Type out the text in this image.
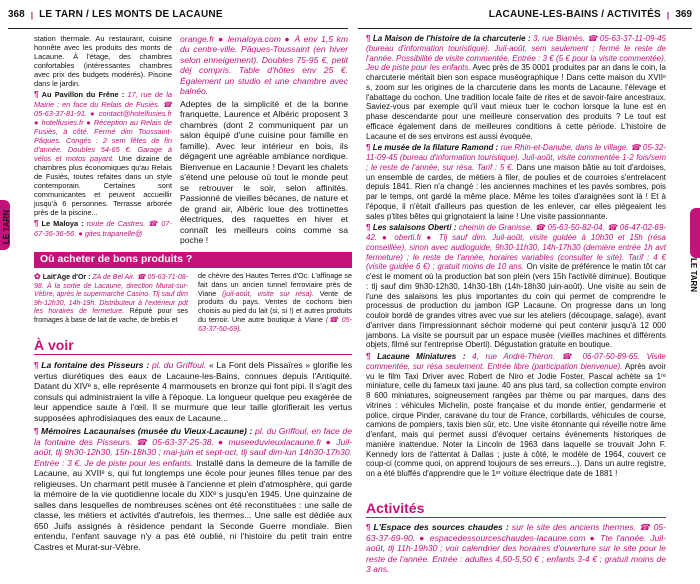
368 | LE TARN / LES MONTS DE LACAUNE	LACAUNE-LES-BAINS / ACTIVITÉS | 369
LE TARN
LE TARN

station thermale. Au restaurant, cuisine honnête avec les produits des monts de Lacaune. À l'étage, des chambres confortables (intéressantes chambres avec prix des budgets modérés). Piscine dans le jardin.

¶ Au Pavillon du Frêne : 17, rue de la Mairie ; en face du Relais de Fusiès. ☎ 05-63-37-81-91. ● contact@hotelfusies.fr ● hotelfusies.fr ● Réception au Relais de Fusiès, à côté. Fermé dim Toussaint-Pâques. Congés : 2 sem fêtes de fin d'année. Doubles 54-65 €. Garage à vélos et motos payant. Une dizaine de chambres plus économiques qu'au Relais de Fusiès, toutes refaites dans un style contemporain. Certaines sont communicantes et peuvent accueillir jusqu'à 6 personnes. Terrasse arborée près de la piscine...

¶ Le Maloya : route de Castres. ☎ 07-67-36-36-56. ● gites.trapanelle@

orange.fr ● lemaloya.com ● À env 1,5 km du centre-ville. Pâques-Toussaint (en hiver selon enneigement). Doubles 75-95 €, petit déj compris. Table d'hôtes env 25 €. Également un studio et une chambre avec balnéo.

Adeptes de la simplicité et de la bonne franquette, Laurence et Albéric proposent 3 chambres (dont 2 communiquent par un salon équipé d'une cuisine pour famille en famille). Avec leur intérieur en bois, ils dégagent une agréable ambiance nordique. Bienvenue en Lacaunie ! Devant les chalets s'étend une pelouse où tout le monde peut se retrouver le soir, selon affinités. Passionné de vieilles bécanes, de nature et de grand air, Albéric loue des trottinettes électriques, des raquettes en hiver et connaît les meilleurs coins comme sa poche !

Où acheter de bons produits ?
✿ Lait'Age d'Or : ZA de Bel Air. ☎ 05-63-71-08-98. À la sortie de Lacaune, direction Murat-sur-Vèbre, après le supermarché Casino. Tlj sauf dim 9h-12h30, 14h-19h. Distributeur à l'extérieur pdt les horaires de fermeture. Réputé pour ses fromages à base de lait de vache, de brebis et
de chèvre des Hautes Terres d'Oc. L'affinage se fait dans un ancien tunnel ferroviaire près de Viane (juil-août, visite sur résa). Vente de produits du pays. Ventes de cochons bien choisis au pied du lait (si, si !) et autres produits du terroir. Une autre boutique à Viane (☎ 05-63-37-50-69).
À voir

¶ La fontaine des Pisseurs : pl. du Griffoul. « La Font dels Pissaïres » glorifie les vertus diurétiques des eaux de Lacaune-les-Bains, connues depuis l'Antiquité. Datant du XIVᵉ s, elle représente 4 marmousets en bronze qui font pipi. Il s'agit des consuls qui administraient la ville à l'époque. La longueur quelque peu exagérée de leur appendice saute à l'œil. Il se murmure que leur taille glorifierait les vertus supposées aphrodisiaques des eaux de Lacaune...

¶ Mémoires Lacaunaises (musée du Vieux-Lacaune) : pl. du Griffoul, en face de la fontaine des Pisseurs. ☎ 05-63-37-25-38. ● museeduvieuxlacaune.fr ● Juil-août, tlj 9h30-12h30, 15h-18h30 ; mai-juin et sept-oct, tlj sauf dim-lun 14h30-17h30. Entrée : 3 €. Je de piste pour les enfants. Installé dans la demeure de la famille de Lacaune, au XVIIᵉ s, qui fut longtemps une école pour jeunes filles tenue par des religieuses. Un charmant petit musée à l'ancienne et plein d'atmosphère, qui garde la mémoire de la vie quotidienne locale du XIXᵉ s jusqu'en 1945. Une quinzaine de salles dans lesquelles de nombreuses scènes ont été reconstituées : une salle de classe, les métiers et activités d'autrefois, les thermes... Une salle est dédiée aux 650 Juifs assignés à résidence pendant la Seconde Guerre mondiale. Bien entendu, l'enfant sauvage n'y a pas été oublié, ni l'histoire du petit train entre Castres et Murat-sur-Vèbre.

¶ La Maison de l'histoire de la charcuterie : 3, rue Biamès. ☎ 05-63-37-11-09-45 (bureau d'information touristique). Juil-août, sem seulement ; fermé le reste de l'année. Possibilité de visite commentée. Entrée : 3 € (5 € pour la visite commentée). Jeu de piste pour les enfants. Avec près de 35 0001 produites par an dans le coin, la charcuterie méritait bien son espace muséographique ! Dans cette maison du XVIIᵉ s, zoom sur les origines de la charcuterie dans les monts de Lacaune, l'élevage et l'abattage du cochon. Une tradition locale faite de rites et de savoir-faire ancestraux. Saviez-vous par exemple qu'il vaut mieux tuer le cochon lorsque la lune est en phase descendante pour une meilleure conservation des produits ? Le tout est efficace également dans de meilleures conditions à cette période. L'histoire de Lacaune et de ses environs est aussi évoquée.

¶ Le musée de la filature Ramond : rue Rhin-et-Danube, dans le village. ☎ 05-32-11-09-45 (bureau d'information touristique). Juil-août, visite commentée 1-2 fois/sem ; le reste de l'année, sur résa. Tarif : 5 €. Dans une maison bâtie au toit d'ardoises, un ensemble de cardes, de métiers à filer, de poulies et de courroies s'entrelacent depuis 1841. Rien n'a changé : les anciennes machines et les pavés sombres, pois par le temps, ont gardé la même place. Même les toiles d'araignées sont là ! Et à l'époque, il n'était d'ailleurs pas question de les enlever, car elles piégeaient les sales p'tites bêtes qui grignotaient la laine ! Une visite passionnante.

¶ Les salaisons Oberti : chemin de Granisse. ☎ 05-63-50-82-04. ☎ 06-47-02-69-42. ● oberti.fr ● Tlj sauf dim. Juil-août, visite guidée à 10h30 et 15h (résa conseillée), sinon avec audioguide, 9h30-11h30, 14h-17h30 (dernière entrée 1h avt fermeture) ; le reste de l'année, horaires variables (consulter le site). Tarif : 4 € (visite guidée 6 €) ; gratuit moins de 10 ans. On visite de préférence le matin tôt car c'est le moment où la production bat son plein (vers 15h l'activité diminue). Boutique : tlj sauf dim 9h30-12h30, 14h30-18h (14h-18h30 juin-août). Une visite au sein de l'une des salaisons les plus importantes du coin qui permet de comprendre le processus de production du jambon IGP Lacaune. On progresse dans un long couloir bordé de grandes vitres avec vue sur les ateliers (découpage, salage), avant d'arriver dans l'impressionnant séchoir moderne qui peut contenir jusqu'à 12 000 jambons. La visite se poursuit par un espace musée (vieilles machines et différents objets, filmé sur l'entreprise Oberti). Dégustation gratuite en boutique.

¶ Lacaune Miniatures : 4, rue André-Théron. ☎ 06-07-50-89-65. Visite commentée, sur résa seulement. Entrée libre (participation bienvenue). Après avoir vu le film Taxi Driver avec Robert de Niro et Jodie Foster, Pascal achète sa 1ʳᵉ miniature, celle du fameux taxi jaune. 40 ans plus tard, sa collection compte environ 8 600 miniatures, soigneusement rangées par thème ou par marques, dans des vitrines : véhicules Michelin, poste française et du monde entier, gendarmerie et police, cirque Pinder, caravane du tour de France, corbillards, véhicules de course, camions de pompiers, taxis bien sûr, etc. Une visite étonnante qui réveille notre âme d'enfant, mais qui permet aussi d'évoquer certains événements historiques de manière inattendue. Noter la Lincoln de 1963 dans laquelle se trouvait John F. Kennedy lors de l'attentat à Dallas ; juste à côté, le modèle de 1964, couvert ce coup-ci (comme quoi, on apprend toujours de ses erreurs...). Dans un autre registre, on a été bluffés d'apprendre que le 1ᵉʳ voiture électrique date de 1881 !

Activités

¶ L'Espace des sources chaudes : sur le site des anciens thermes. ☎ 05-63-37-69-90. ● espacedessourceschaudes-lacaune.com ● Tte l'année. Juil-août, tlj 11h-19h30 ; voir calendrier des horaires d'ouverture sur le site pour le reste de l'année. Entrée : adultes 4,50-5,50 € ; enfants 3-4 € ; gratuit moins de 3 ans.
